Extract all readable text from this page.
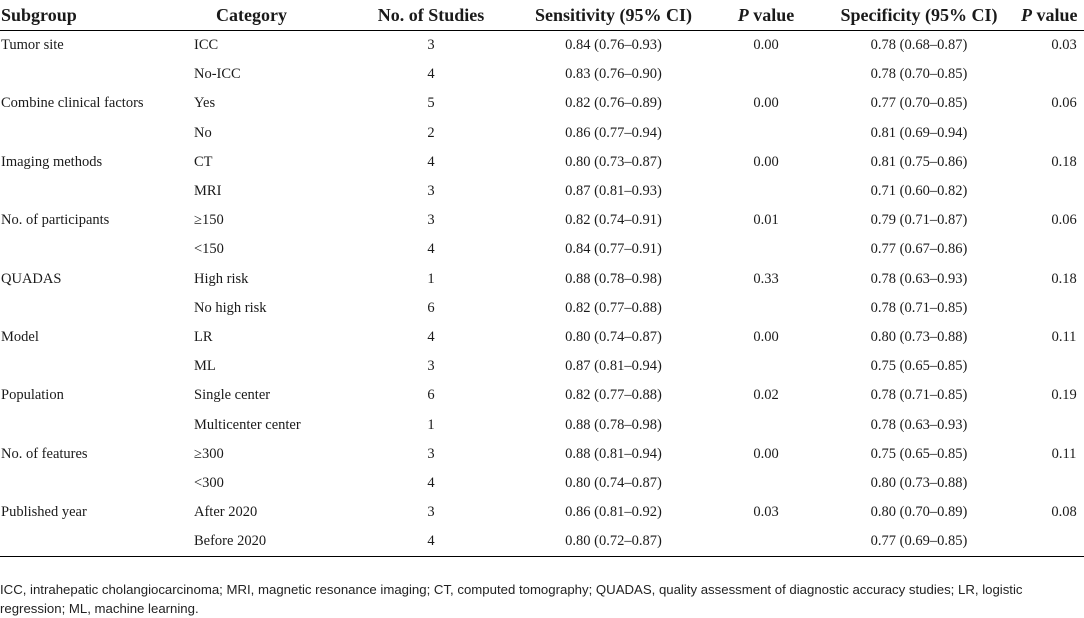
Subgroup	Category	No. of Studies	Sensitivity (95% CI)	P value	Specificity (95% CI)	P value
Tumor site	ICC	3	0.84 (0.76–0.93)	0.00	0.78 (0.68–0.87)	0.03
	No-ICC	4	0.83 (0.76–0.90)		0.78 (0.70–0.85)	
Combine clinical factors	Yes	5	0.82 (0.76–0.89)	0.00	0.77 (0.70–0.85)	0.06
	No	2	0.86 (0.77–0.94)		0.81 (0.69–0.94)	
Imaging methods	CT	4	0.80 (0.73–0.87)	0.00	0.81 (0.75–0.86)	0.18
	MRI	3	0.87 (0.81–0.93)		0.71 (0.60–0.82)	
No. of participants	≥150	3	0.82 (0.74–0.91)	0.01	0.79 (0.71–0.87)	0.06
	<150	4	0.84 (0.77–0.91)		0.77 (0.67–0.86)	
QUADAS	High risk	1	0.88 (0.78–0.98)	0.33	0.78 (0.63–0.93)	0.18
	No high risk	6	0.82 (0.77–0.88)		0.78 (0.71–0.85)	
Model	LR	4	0.80 (0.74–0.87)	0.00	0.80 (0.73–0.88)	0.11
	ML	3	0.87 (0.81–0.94)		0.75 (0.65–0.85)	
Population	Single center	6	0.82 (0.77–0.88)	0.02	0.78 (0.71–0.85)	0.19
	Multicenter center	1	0.88 (0.78–0.98)		0.78 (0.63–0.93)	
No. of features	≥300	3	0.88 (0.81–0.94)	0.00	0.75 (0.65–0.85)	0.11
	<300	4	0.80 (0.74–0.87)		0.80 (0.73–0.88)	
Published year	After 2020	3	0.86 (0.81–0.92)	0.03	0.80 (0.70–0.89)	0.08
	Before 2020	4	0.80 (0.72–0.87)		0.77 (0.69–0.85)	
ICC, intrahepatic cholangiocarcinoma; MRI, magnetic resonance imaging; CT, computed tomography; QUADAS, quality assessment of diagnostic accuracy studies; LR, logistic regression; ML, machine learning.
